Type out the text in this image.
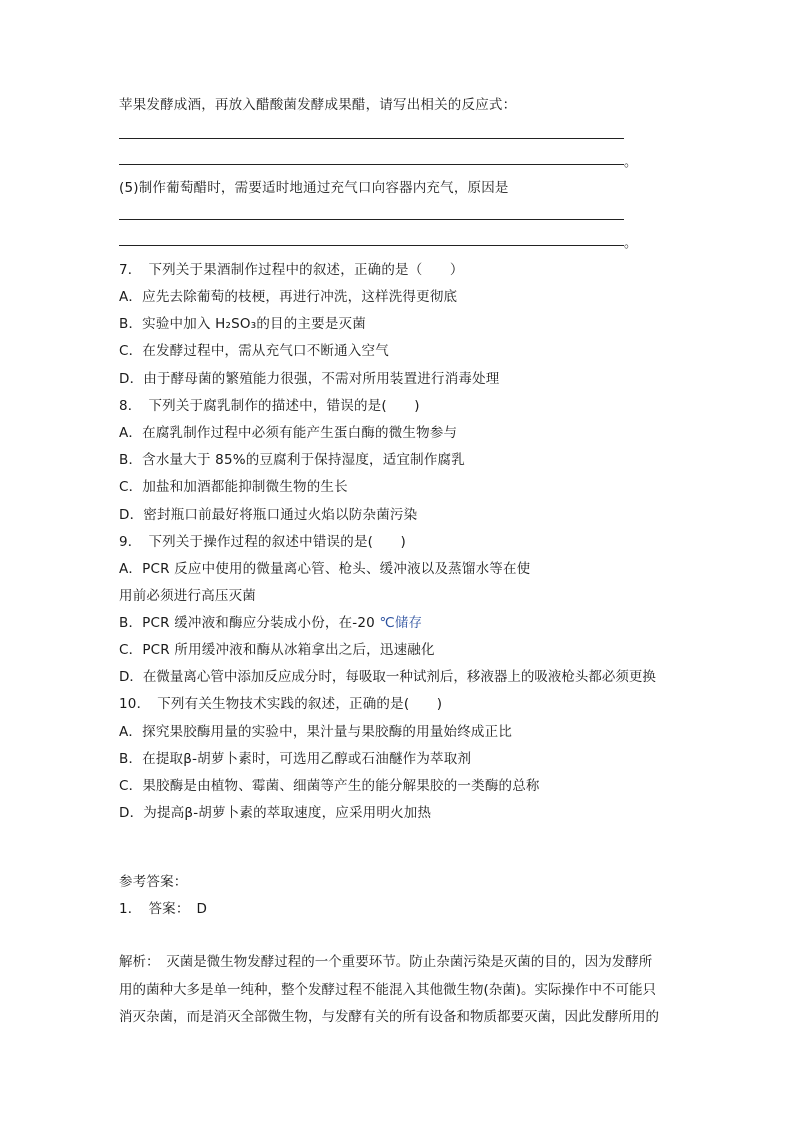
苹果发酵成酒，再放入醋酸菌发酵成果醋，请写出相关的反应式：
。
(5)制作葡萄醋时，需要适时地通过充气口向容器内充气，原因是
。
7．　下列关于果酒制作过程中的叙述，正确的是（　　）
A．应先去除葡萄的枝梗，再进行冲洗，这样洗得更彻底
B．实验中加入 H₂SO₃的目的主要是灭菌
C．在发酵过程中，需从充气口不断通入空气
D．由于酵母菌的繁殖能力很强，不需对所用装置进行消毒处理
8．　下列关于腐乳制作的描述中，错误的是(　　)
A．在腐乳制作过程中必须有能产生蛋白酶的微生物参与
B．含水量大于 85%的豆腐利于保持湿度，适宜制作腐乳
C．加盐和加酒都能抑制微生物的生长
D．密封瓶口前最好将瓶口通过火焰以防杂菌污染
9．　下列关于操作过程的叙述中错误的是(　　)
A．PCR 反应中使用的微量离心管、枪头、缓冲液以及蒸馏水等在使
用前必须进行高压灭菌
B．PCR 缓冲液和酶应分装成小份，在-20 ℃储存
C．PCR 所用缓冲液和酶从冰箱拿出之后，迅速融化
D．在微量离心管中添加反应成分时，每吸取一种试剂后，移液器上的吸液枪头都必须更换
10．　下列有关生物技术实践的叙述，正确的是(　　)
A．探究果胶酶用量的实验中，果汁量与果胶酶的用量始终成正比
B．在提取β-胡萝卜素时，可选用乙醇或石油醚作为萃取剂
C．果胶酶是由植物、霉菌、细菌等产生的能分解果胶的一类酶的总称
D．为提高β-胡萝卜素的萃取速度，应采用明火加热
参考答案：
1．　答案：　D
解析：　灭菌是微生物发酵过程的一个重要环节。防止杂菌污染是灭菌的目的，因为发酵所
用的菌种大多是单一纯种，整个发酵过程不能混入其他微生物(杂菌)。实际操作中不可能只
消灭杂菌，而是消灭全部微生物，与发酵有关的所有设备和物质都要灭菌，因此发酵所用的
